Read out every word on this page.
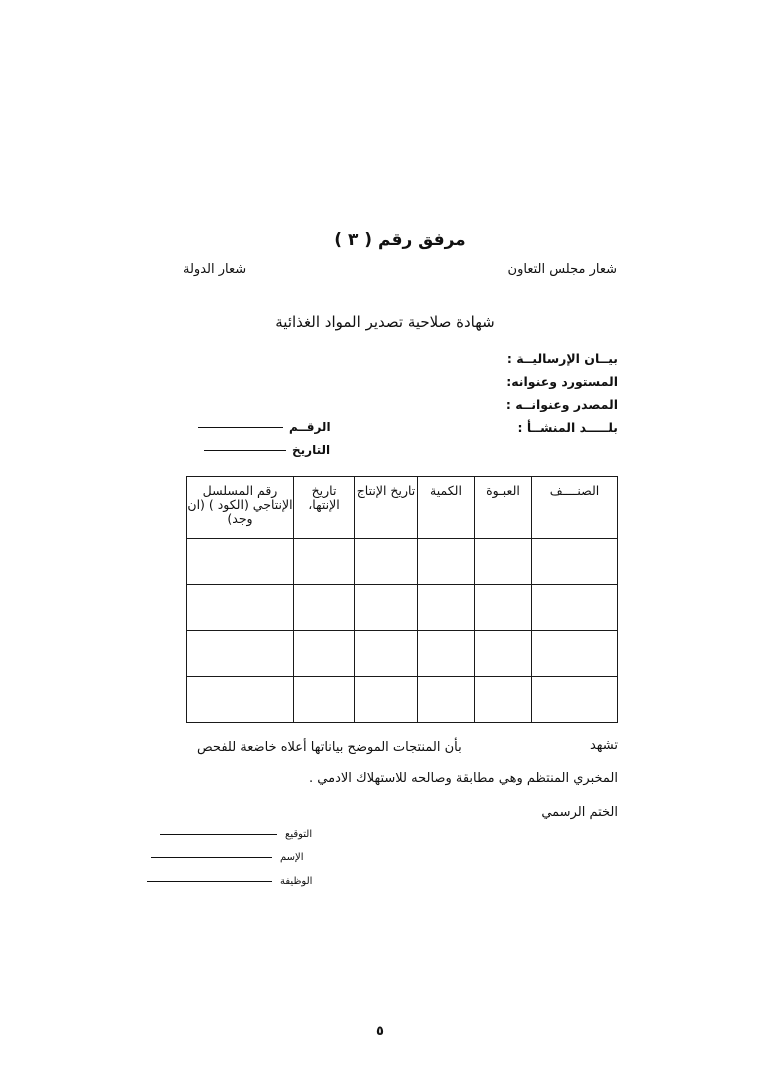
مرفق رقم ( ٣ )
شعار مجلس التعاون
شعار الدولة
شهادة صلاحية تصدير المواد الغذائية
بيــان الإرساليــة :
المستورد وعنوانه:
المصدر وعنوانــه :
بلـــــد المنشــأ :
الرقــم
التاريخ
الصنــــف	العبـوة	الكمية	تاريخ الإنتاج	تاريخ الإنتها،	رقم المسلسل الإنتاجي (الكود ) (ان وجد)

تشهد
بأن المنتجات الموضح بياناتها أعلاه خاضعة للفحص
المخبري المنتظم وهي مطابقة وصالحه للاستهلاك الادمي .
الختم الرسمي
التوقيع
الإسم
الوظيفة
٥
